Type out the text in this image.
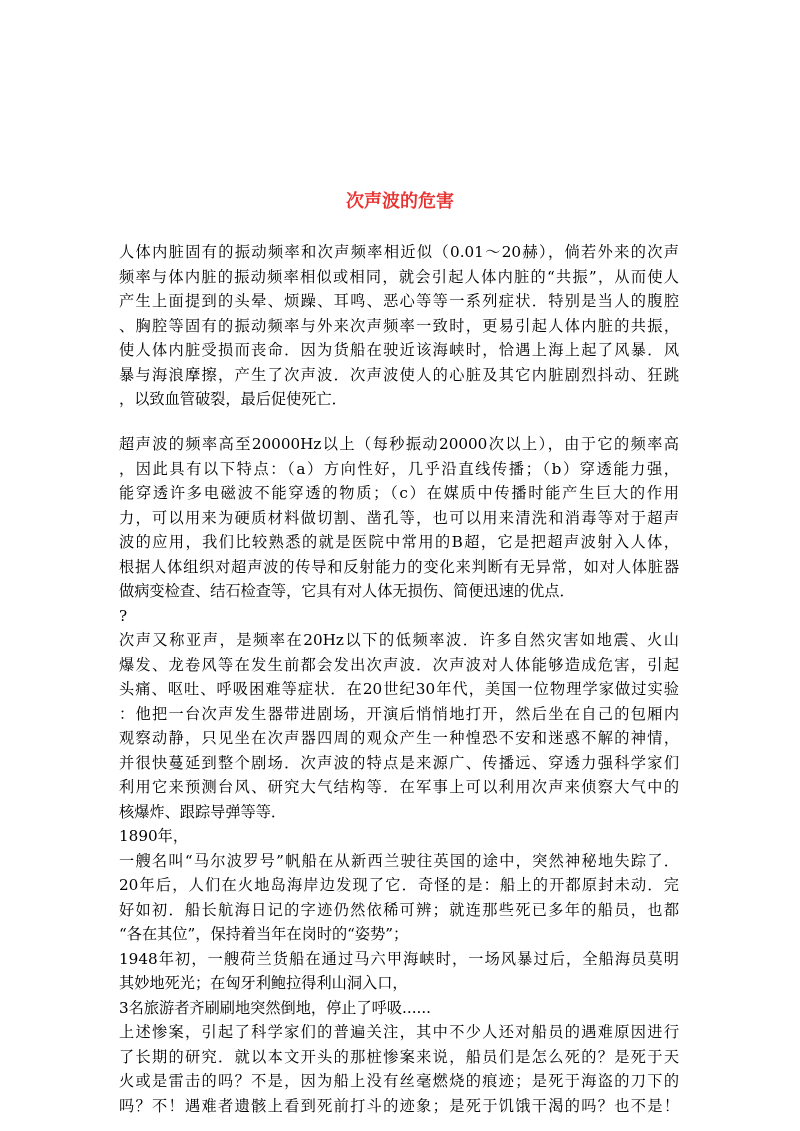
次声波的危害
人体内脏固有的振动频率和次声频率相近似（0.01～20赫），倘若外来的次声
频率与体内脏的振动频率相似或相同，就会引起人体内脏的“共振”，从而使人
产生上面提到的头晕、烦躁、耳鸣、恶心等等一系列症状．特别是当人的腹腔
、胸腔等固有的振动频率与外来次声频率一致时，更易引起人体内脏的共振，
使人体内脏受损而丧命．因为货船在驶近该海峡时，恰遇上海上起了风暴．风
暴与海浪摩擦，产生了次声波．次声波使人的心脏及其它内脏剧烈抖动、狂跳
，以致血管破裂，最后促使死亡．
超声波的频率高至20000Hz以上（每秒振动20000次以上），由于它的频率高
，因此具有以下特点：（a）方向性好，几乎沿直线传播；（b）穿透能力强，
能穿透许多电磁波不能穿透的物质；（c）在媒质中传播时能产生巨大的作用
力，可以用来为硬质材料做切割、凿孔等，也可以用来清洗和消毒等对于超声
波的应用，我们比较熟悉的就是医院中常用的B超，它是把超声波射入人体，
根据人体组织对超声波的传导和反射能力的变化来判断有无异常，如对人体脏器
做病变检查、结石检查等，它具有对人体无损伤、简便迅速的优点．
?
次声又称亚声，是频率在20Hz以下的低频率波．许多自然灾害如地震、火山
爆发、龙卷风等在发生前都会发出次声波．次声波对人体能够造成危害，引起
头痛、呕吐、呼吸困难等症状．在20世纪30年代，美国一位物理学家做过实验
：他把一台次声发生器带进剧场，开演后悄悄地打开，然后坐在自己的包厢内
观察动静，只见坐在次声器四周的观众产生一种惶恐不安和迷惑不解的神情，
并很快蔓延到整个剧场．次声波的特点是来源广、传播远、穿透力强科学家们
利用它来预测台风、研究大气结构等．在军事上可以利用次声来侦察大气中的
核爆炸、跟踪导弹等等．
1890年，
一艘名叫“马尔波罗号”帆船在从新西兰驶往英国的途中，突然神秘地失踪了．
20年后，人们在火地岛海岸边发现了它．奇怪的是：船上的开都原封未动．完
好如初．船长航海日记的字迹仍然依稀可辨；就连那些死已多年的船员，也都
“各在其位”，保持着当年在岗时的“姿势”；
1948年初，一艘荷兰货船在通过马六甲海峡时，一场风暴过后，全船海员莫明
其妙地死光；在匈牙利鲍拉得利山洞入口，
3名旅游者齐刷刷地突然倒地，停止了呼吸......
上述惨案，引起了科学家们的普遍关注，其中不少人还对船员的遇难原因进行
了长期的研究．就以本文开头的那桩惨案来说，船员们是怎么死的？是死于天
火或是雷击的吗？不是，因为船上没有丝毫燃烧的痕迹；是死于海盗的刀下的
吗？不！遇难者遗骸上看到死前打斗的迹象；是死于饥饿干渴的吗？也不是！
